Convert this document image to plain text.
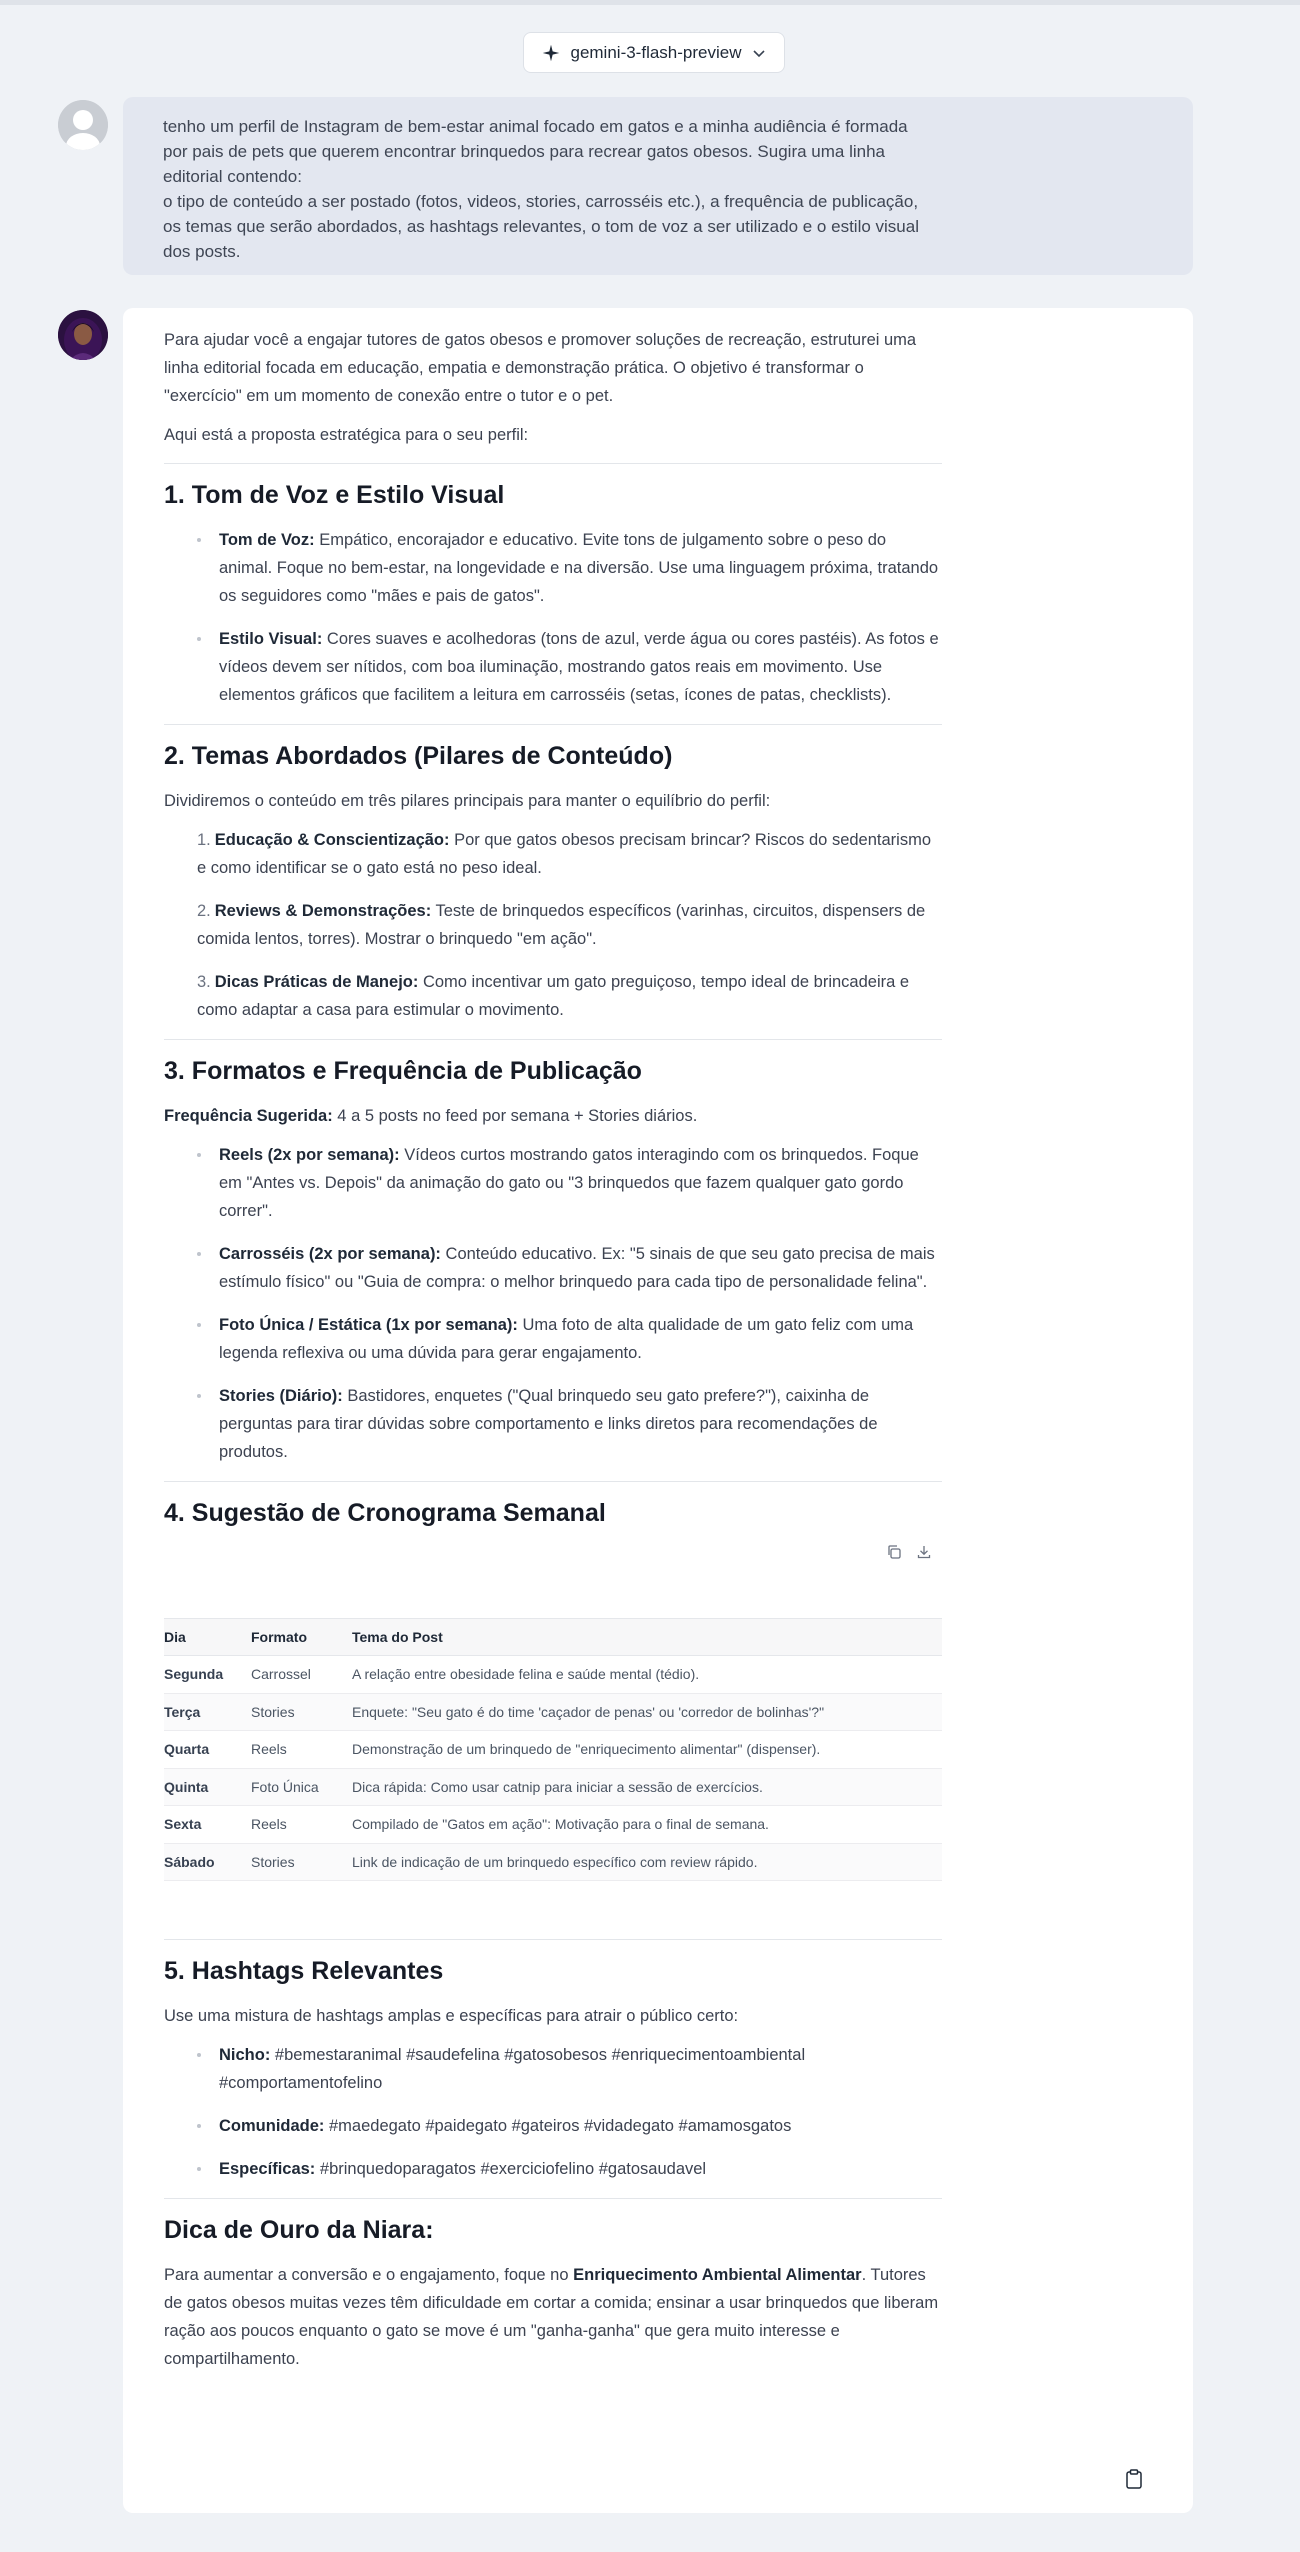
gemini-3-flash-preview

tenho um perfil de Instagram de bem-estar animal focado em gatos e a minha audiência é formada
por pais de pets que querem encontrar brinquedos para recrear gatos obesos. Sugira uma linha
editorial contendo:
o tipo de conteúdo a ser postado (fotos, videos, stories, carrosséis etc.), a frequência de publicação,
os temas que serão abordados, as hashtags relevantes, o tom de voz a ser utilizado e o estilo visual
dos posts.

Para ajudar você a engajar tutores de gatos obesos e promover soluções de recreação, estruturei uma linha editorial focada em educação, empatia e demonstração prática. O objetivo é transformar o "exercício" em um momento de conexão entre o tutor e o pet.

Aqui está a proposta estratégica para o seu perfil:

1. Tom de Voz e Estilo Visual
Tom de Voz: Empático, encorajador e educativo. Evite tons de julgamento sobre o peso do animal. Foque no bem-estar, na longevidade e na diversão. Use uma linguagem próxima, tratando os seguidores como "mães e pais de gatos".
Estilo Visual: Cores suaves e acolhedoras (tons de azul, verde água ou cores pastéis). As fotos e vídeos devem ser nítidos, com boa iluminação, mostrando gatos reais em movimento. Use elementos gráficos que facilitem a leitura em carrosséis (setas, ícones de patas, checklists).
2. Temas Abordados (Pilares de Conteúdo)

Dividiremos o conteúdo em três pilares principais para manter o equilíbrio do perfil:

1. Educação & Conscientização: Por que gatos obesos precisam brincar? Riscos do sedentarismo e como identificar se o gato está no peso ideal.
2. Reviews & Demonstrações: Teste de brinquedos específicos (varinhas, circuitos, dispensers de comida lentos, torres). Mostrar o brinquedo "em ação".
3. Dicas Práticas de Manejo: Como incentivar um gato preguiçoso, tempo ideal de brincadeira e como adaptar a casa para estimular o movimento.
3. Formatos e Frequência de Publicação

Frequência Sugerida: 4 a 5 posts no feed por semana + Stories diários.

Reels (2x por semana): Vídeos curtos mostrando gatos interagindo com os brinquedos. Foque em "Antes vs. Depois" da animação do gato ou "3 brinquedos que fazem qualquer gato gordo correr".
Carrosséis (2x por semana): Conteúdo educativo. Ex: "5 sinais de que seu gato precisa de mais estímulo físico" ou "Guia de compra: o melhor brinquedo para cada tipo de personalidade felina".
Foto Única / Estática (1x por semana): Uma foto de alta qualidade de um gato feliz com uma legenda reflexiva ou uma dúvida para gerar engajamento.
Stories (Diário): Bastidores, enquetes ("Qual brinquedo seu gato prefere?"), caixinha de perguntas para tirar dúvidas sobre comportamento e links diretos para recomendações de produtos.
4. Sugestão de Cronograma Semanal
Dia	Formato	Tema do Post
Segunda	Carrossel	A relação entre obesidade felina e saúde mental (tédio).
Terça	Stories	Enquete: "Seu gato é do time 'caçador de penas' ou 'corredor de bolinhas'?"
Quarta	Reels	Demonstração de um brinquedo de "enriquecimento alimentar" (dispenser).
Quinta	Foto Única	Dica rápida: Como usar catnip para iniciar a sessão de exercícios.
Sexta	Reels	Compilado de "Gatos em ação": Motivação para o final de semana.
Sábado	Stories	Link de indicação de um brinquedo específico com review rápido.
5. Hashtags Relevantes

Use uma mistura de hashtags amplas e específicas para atrair o público certo:

Nicho: #bemestaranimal #saudefelina #gatosobesos #enriquecimentoambiental #comportamentofelino
Comunidade: #maedegato #paidegato #gateiros #vidadegato #amamosgatos
Específicas: #brinquedoparagatos #exerciciofelino #gatosaudavel
Dica de Ouro da Niara:

Para aumentar a conversão e o engajamento, foque no Enriquecimento Ambiental Alimentar. Tutores de gatos obesos muitas vezes têm dificuldade em cortar a comida; ensinar a usar brinquedos que liberam ração aos poucos enquanto o gato se move é um "ganha-ganha" que gera muito interesse e compartilhamento.
